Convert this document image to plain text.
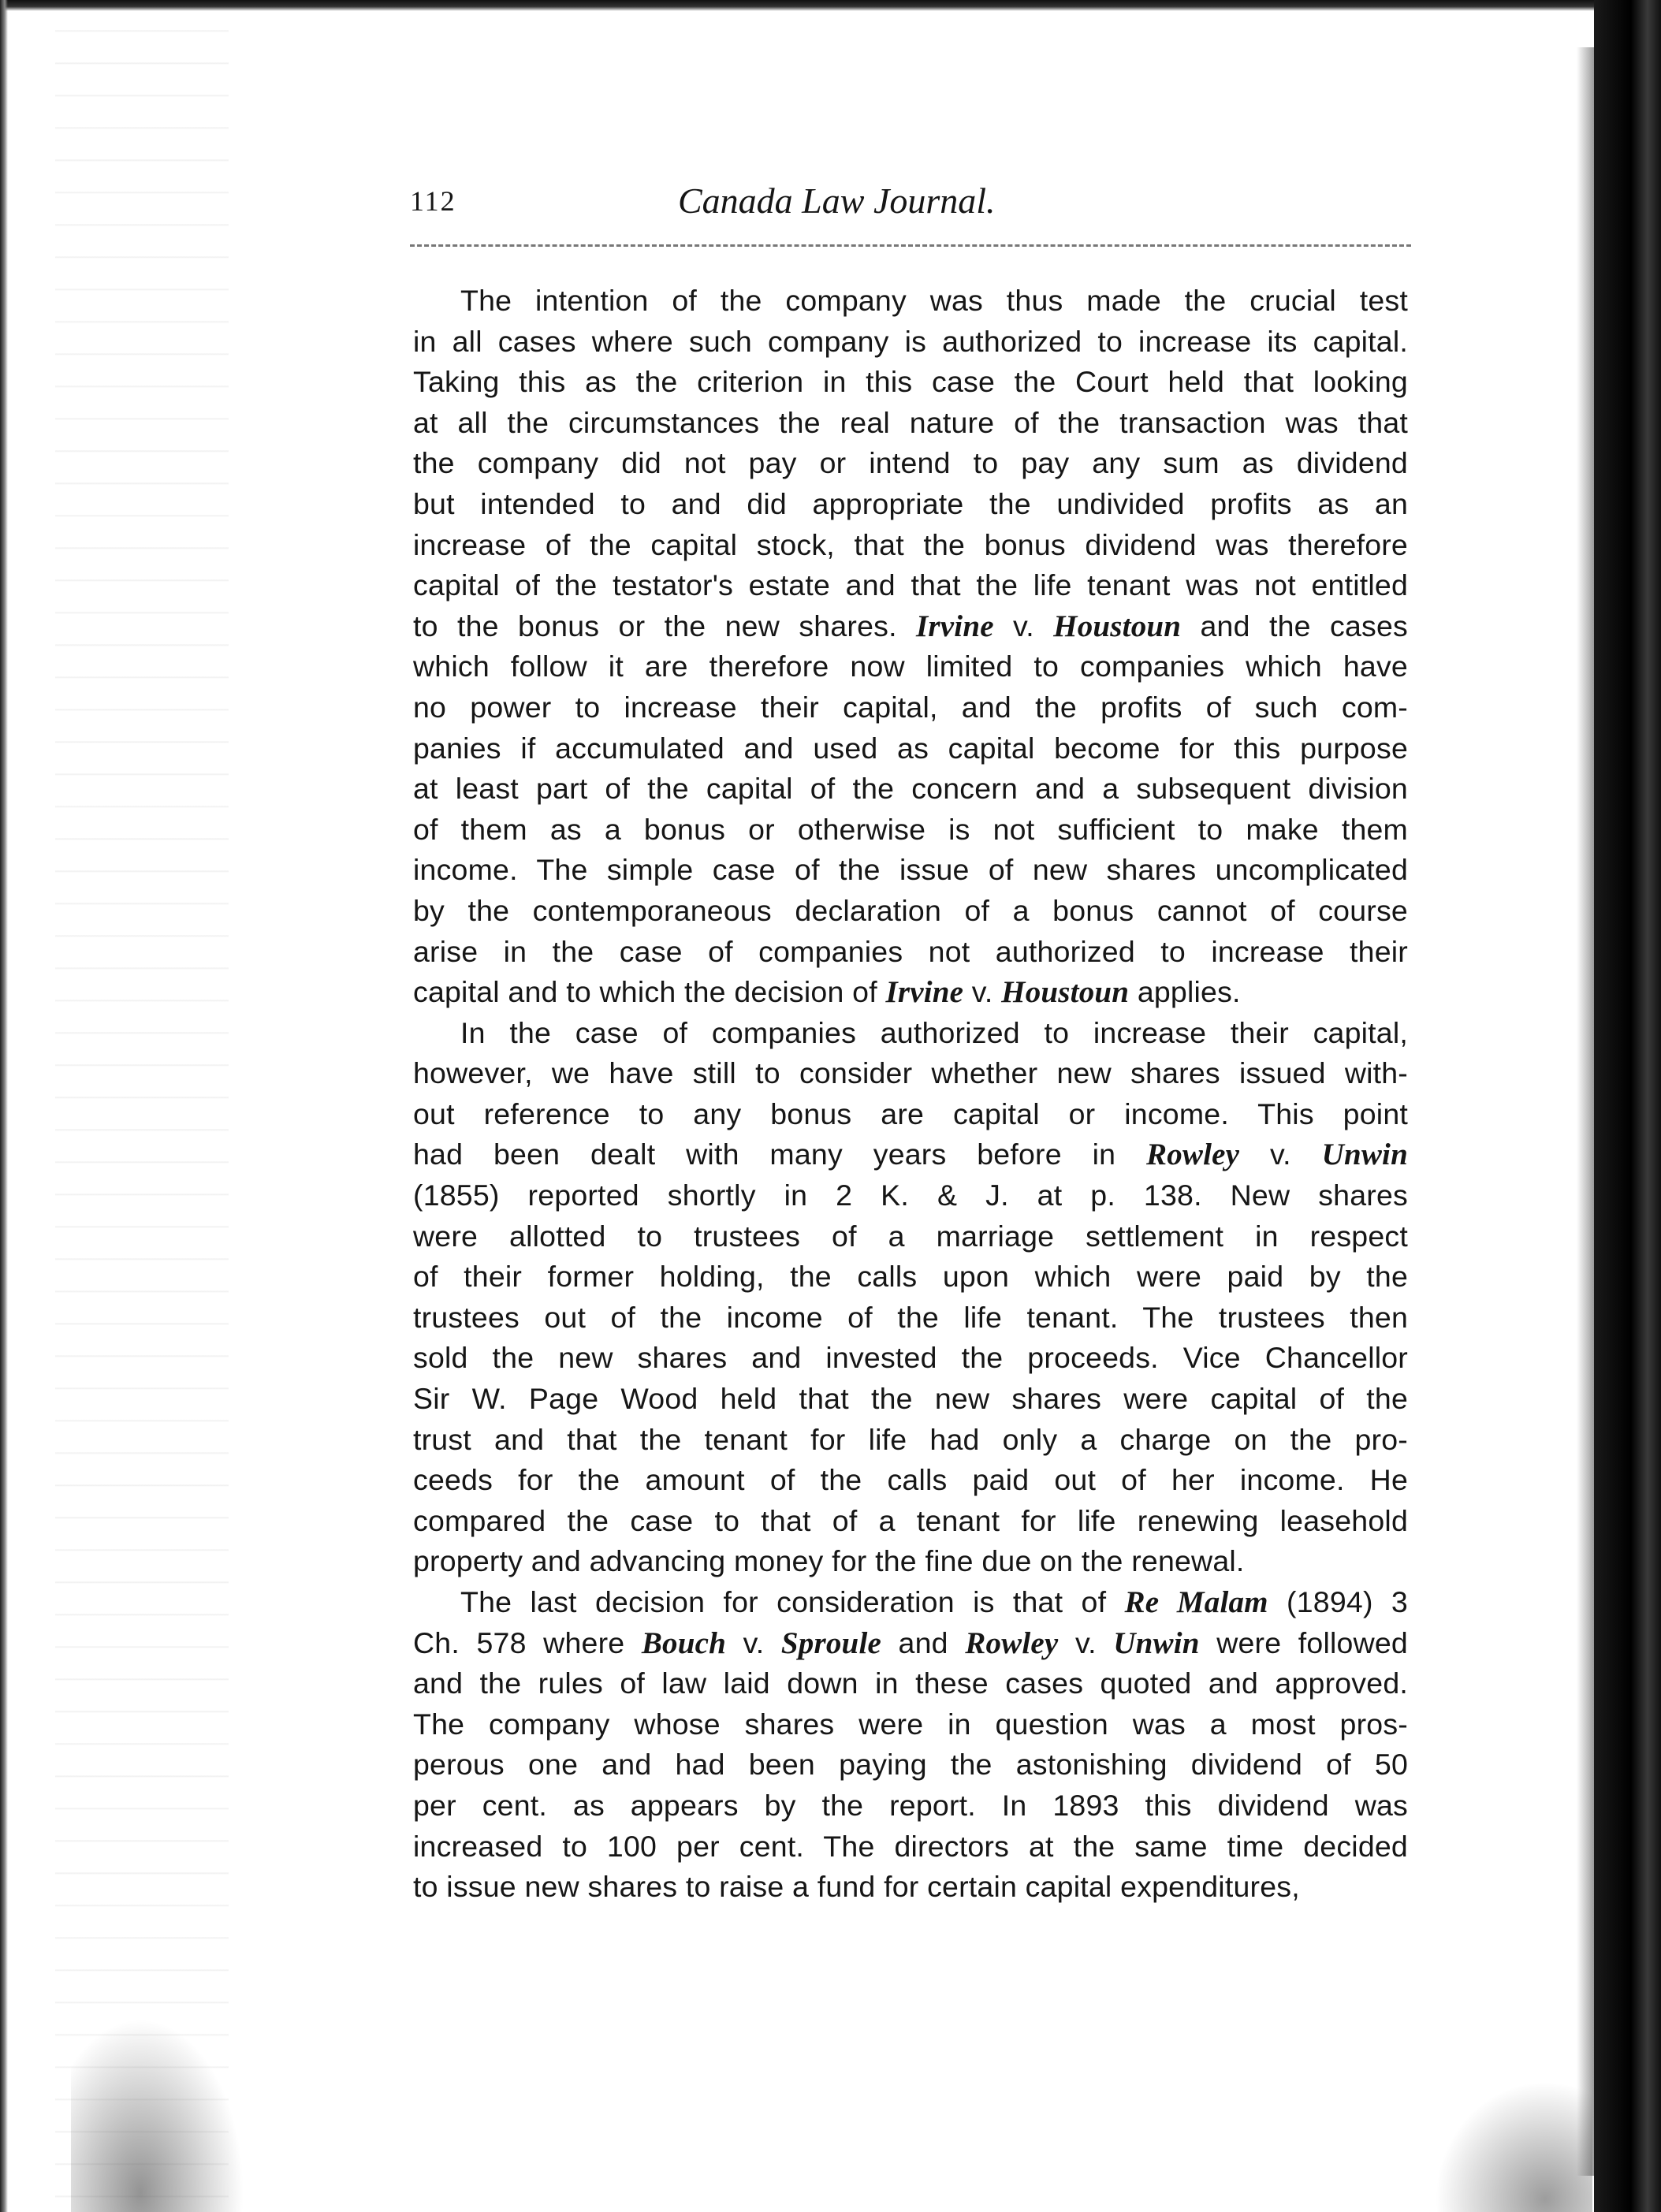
112	Canada Law Journal.
The intention of the company was thus made the crucial test
in all cases where such company is authorized to increase its capital.
Taking this as the criterion in this case the Court held that looking
at all the circumstances the real nature of the transaction was that
the company did not pay or intend to pay any sum as dividend
but intended to and did appropriate the undivided profits as an
increase of the capital stock, that the bonus dividend was therefore
capital of the testator's estate and that the life tenant was not entitled
to the bonus or the new shares. Irvine v. Houstoun and the cases
which follow it are therefore now limited to companies which have
no power to increase their capital, and the profits of such com-
panies if accumulated and used as capital become for this purpose
at least part of the capital of the concern and a subsequent division
of them as a bonus or otherwise is not sufficient to make them
income. The simple case of the issue of new shares uncomplicated
by the contemporaneous declaration of a bonus cannot of course
arise in the case of companies not authorized to increase their
capital and to which the decision of Irvine v. Houstoun applies.
In the case of companies authorized to increase their capital,
however, we have still to consider whether new shares issued with-
out reference to any bonus are capital or income. This point
had been dealt with many years before in Rowley v. Unwin
(1855) reported shortly in 2 K. & J. at p. 138. New shares
were allotted to trustees of a marriage settlement in respect
of their former holding, the calls upon which were paid by the
trustees out of the income of the life tenant. The trustees then
sold the new shares and invested the proceeds. Vice Chancellor
Sir W. Page Wood held that the new shares were capital of the
trust and that the tenant for life had only a charge on the pro-
ceeds for the amount of the calls paid out of her income. He
compared the case to that of a tenant for life renewing leasehold
property and advancing money for the fine due on the renewal.
The last decision for consideration is that of Re Malam (1894) 3
Ch. 578 where Bouch v. Sproule and Rowley v. Unwin were followed
and the rules of law laid down in these cases quoted and approved.
The company whose shares were in question was a most pros-
perous one and had been paying the astonishing dividend of 50
per cent. as appears by the report. In 1893 this dividend was
increased to 100 per cent. The directors at the same time decided
to issue new shares to raise a fund for certain capital expenditures,
